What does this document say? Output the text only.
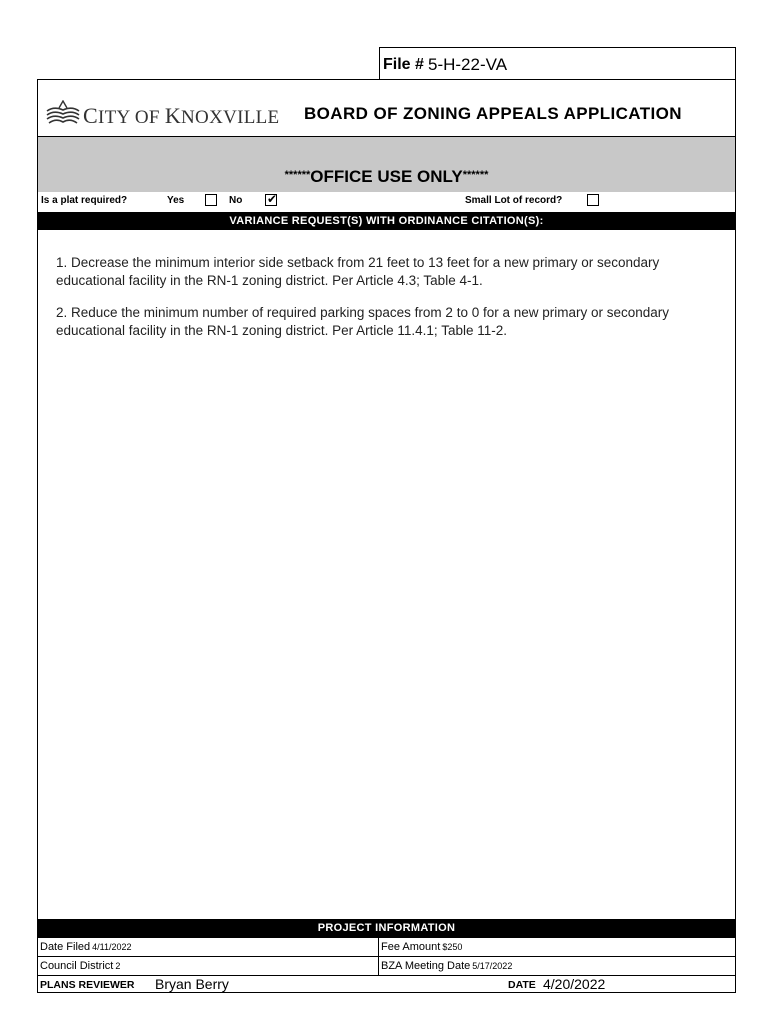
File # 5-H-22-VA
CITY OF KNOXVILLE BOARD OF ZONING APPEALS APPLICATION
******OFFICE USE ONLY******
Is a plat required?	Yes	No ✔	Small Lot of record?
VARIANCE REQUEST(S) WITH ORDINANCE CITATION(S):

1. Decrease the minimum interior side setback from 21 feet to 13 feet for a new primary or secondary educational facility in the RN-1 zoning district. Per Article 4.3; Table 4-1.

2. Reduce the minimum number of required parking spaces from 2 to 0 for a new primary or secondary educational facility in the RN-1 zoning district. Per Article 11.4.1; Table 11-2.

PROJECT INFORMATION
Date Filed 4/11/2022	Fee Amount $250
Council District 2	BZA Meeting Date 5/17/2022
PLANS REVIEWER Bryan Berry	DATE 4/20/2022
